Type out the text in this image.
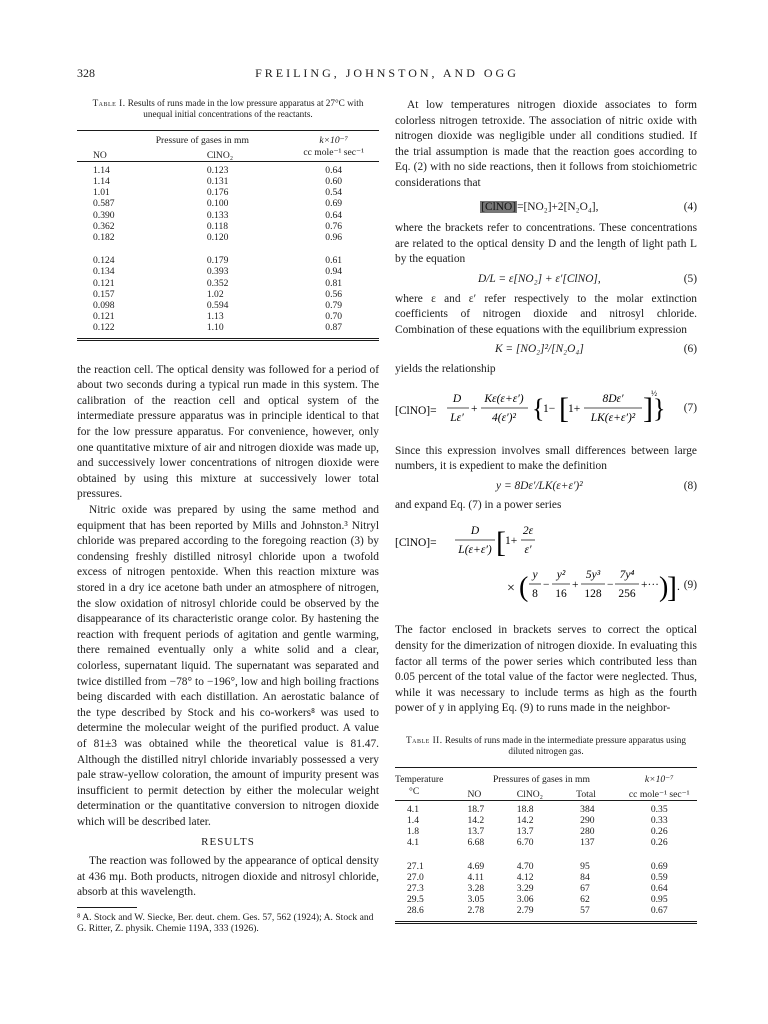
328	FREILING, JOHNSTON, AND OGG
Table I. Results of runs made in the low pressure apparatus at 27°C with unequal initial concentrations of the reactants.
	Pressure of gases in mm		k×10⁻⁷
NO		ClNO₂	cc mole⁻¹ sec⁻¹
1.14		0.123	0.64
1.14		0.131	0.60
1.01		0.176	0.54
0.587		0.100	0.69
0.390		0.133	0.64
0.362		0.118	0.76
0.182		0.120	0.96

0.124		0.179	0.61
0.134		0.393	0.94
0.121		0.352	0.81
0.157		1.02	0.56
0.098		0.594	0.79
0.121		1.13	0.70
0.122		1.10	0.87

the reaction cell. The optical density was followed for a period of about two seconds during a typical run made in this system. The calibration of the reaction cell and optical system of the intermediate pressure apparatus was in principle identical to that for the low pressure apparatus. For convenience, however, only one quantitative mixture of air and nitrogen dioxide was made up, and successively lower concentrations of nitrogen dioxide were obtained by using this mixture at successively lower total pressures.

Nitric oxide was prepared by using the same method and equipment that has been reported by Mills and Johnston.³ Nitryl chloride was prepared according to the foregoing reaction (3) by condensing freshly distilled nitrosyl chloride upon a twofold excess of nitrogen pentoxide. When this reaction mixture was stored in a dry ice acetone bath under an atmosphere of nitrogen, the slow oxidation of nitrosyl chloride could be observed by the disappearance of its characteristic orange color. By hastening the reaction with frequent periods of agitation and gentle warming, there remained eventually only a white solid and a clear, colorless, supernatant liquid. The supernatant was separated and twice distilled from −78° to −196°, low and high boiling fractions being discarded with each distillation. An aerostatic balance of the type described by Stock and his co-workers⁸ was used to determine the molecular weight of the purified product. A value of 81±3 was obtained while the theoretical value is 81.47. Although the distilled nitryl chloride invariably possessed a very pale straw-yellow coloration, the amount of impurity present was insufficient to permit detection by either the molecular weight determination or the quantitative conversion to nitrogen dioxide which will be described later.

RESULTS

The reaction was followed by the appearance of optical density at 436 mμ. Both products, nitrogen dioxide and nitrosyl chloride, absorb at this wavelength.

⁸ A. Stock and W. Siecke, Ber. deut. chem. Ges. 57, 562 (1924); A. Stock and G. Ritter, Z. physik. Chemie 119A, 333 (1926).

At low temperatures nitrogen dioxide associates to form colorless nitrogen tetroxide. The association of nitric oxide with nitrogen dioxide was negligible under all conditions studied. If the trial assumption is made that the reaction goes according to Eq. (2) with no side reactions, then it follows from stoichiometric considerations that

[ClNO]=[NO₂]+2[N₂O₄],	(4)

where the brackets refer to concentrations. These concentrations are related to the optical density D and the length of light path L by the equation

D/L = ε[NO₂] + ε′[ClNO],	(5)

where ε and ε′ refer respectively to the molar extinction coefficients of nitrogen dioxide and nitrosyl chloride. Combination of these equations with the equilibrium expression

K = [NO₂]²/[N₂O₄]	(6)

yields the relationship

[ClNO]=
D
Lε′
+
Kε(ε+ε′)
4(ε′)² {
1− [ 1+
8Dε′
LK(ε+ε′)² ]
½
} (7)

Since this expression involves small differences between large numbers, it is expedient to make the definition

y = 8Dε′/LK(ε+ε′)²	(8)

and expand Eq. (7) in a power series

[ClNO]=
D
L(ε+ε′) [ 1+
2ε
ε′
× ( y
8
−
y²
16
+
5y³
128
−
7y⁴
256
+··· )
] . (9)

The factor enclosed in brackets serves to correct the optical density for the dimerization of nitrogen dioxide. In evaluating this factor all terms of the power series which contributed less than 0.05 percent of the total value of the factor were neglected. Thus, while it was necessary to include terms as high as the fourth power of y in applying Eq. (9) to runs made in the neighbor-

Table II. Results of runs made in the intermediate pressure apparatus using diluted nitrogen gas.
Temperature	Pressures of gases in mm			k×10⁻⁷
°C	NO	ClNO₂	Total	cc mole⁻¹ sec⁻¹
4.1	18.7	18.8	384	0.35
1.4	14.2	14.2	290	0.33
1.8	13.7	13.7	280	0.26
4.1	6.68	6.70	137	0.26

27.1	4.69	4.70	95	0.69
27.0	4.11	4.12	84	0.59
27.3	3.28	3.29	67	0.64
29.5	3.05	3.06	62	0.95
28.6	2.78	2.79	57	0.67
